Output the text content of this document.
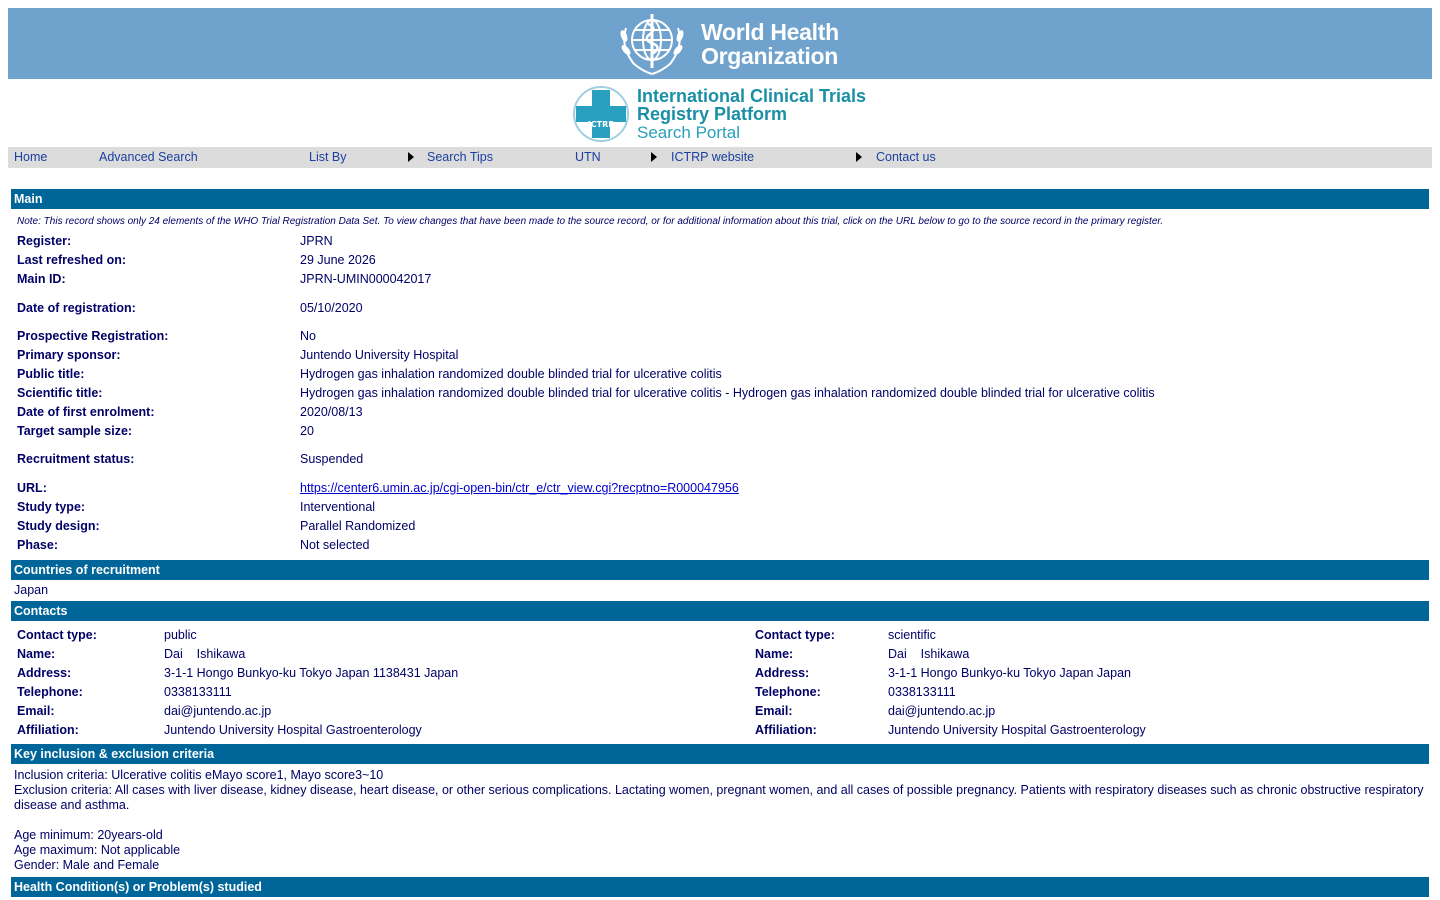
World Health
Organization
ICTRP
International Clinical Trials
Registry Platform
Search Portal
Home	Advanced Search	List By	Search Tips	UTN	ICTRP website	Contact us
Main
Note: This record shows only 24 elements of the WHO Trial Registration Data Set. To view changes that have been made to the source record, or for additional information about this trial, click on the URL below to go to the source record in the primary register.
Register:	JPRN
Last refreshed on:	29 June 2026
Main ID:	JPRN-UMIN000042017
Date of registration:	05/10/2020
Prospective Registration:	No
Primary sponsor:	Juntendo University Hospital
Public title:	Hydrogen gas inhalation randomized double blinded trial for ulcerative colitis
Scientific title:	Hydrogen gas inhalation randomized double blinded trial for ulcerative colitis - Hydrogen gas inhalation randomized double blinded trial for ulcerative colitis
Date of first enrolment:	2020/08/13
Target sample size:	20
Recruitment status:	Suspended
URL:	https://center6.umin.ac.jp/cgi-open-bin/ctr_e/ctr_view.cgi?recptno=R000047956
Study type:	Interventional
Study design:	Parallel Randomized
Phase:	Not selected
Countries of recruitment
Japan
Contacts
Contact type:	public
Name:	Dai    Ishikawa
Address:	3-1-1 Hongo Bunkyo-ku Tokyo Japan 1138431 Japan
Telephone:	0338133111
Email:	dai@juntendo.ac.jp
Affiliation:	Juntendo University Hospital Gastroenterology
Contact type:	scientific
Name:	Dai    Ishikawa
Address:	3-1-1 Hongo Bunkyo-ku Tokyo Japan Japan
Telephone:	0338133111
Email:	dai@juntendo.ac.jp
Affiliation:	Juntendo University Hospital Gastroenterology
Key inclusion & exclusion criteria
Inclusion criteria: Ulcerative colitis eMayo score1, Mayo score3~10
Exclusion criteria: All cases with liver disease, kidney disease, heart disease, or other serious complications. Lactating women, pregnant women, and all cases of possible pregnancy. Patients with respiratory diseases such as chronic obstructive respiratory disease and asthma.
Age minimum: 20years-old
Age maximum: Not applicable
Gender: Male and Female
Health Condition(s) or Problem(s) studied
